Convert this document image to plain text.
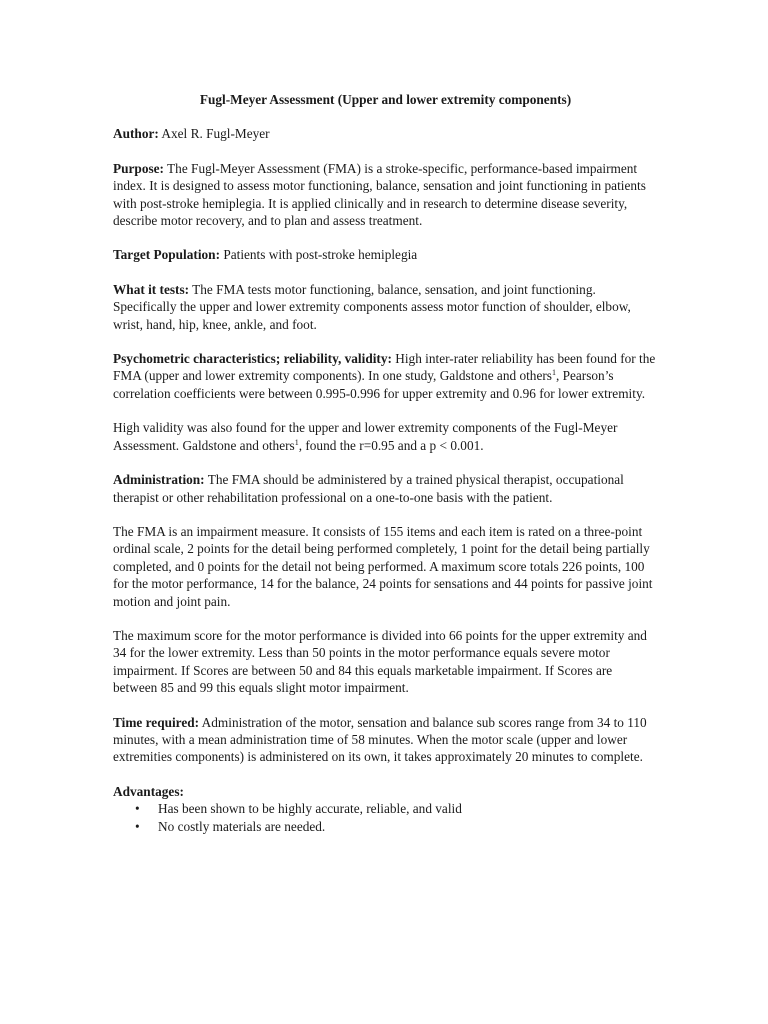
Fugl-Meyer Assessment (Upper and lower extremity components)

Author: Axel R. Fugl-Meyer

Purpose: The Fugl-Meyer Assessment (FMA) is a stroke-specific, performance-based impairment index. It is designed to assess motor functioning, balance, sensation and joint functioning in patients with post-stroke hemiplegia. It is applied clinically and in research to determine disease severity, describe motor recovery, and to plan and assess treatment.

Target Population: Patients with post-stroke hemiplegia

What it tests: The FMA tests motor functioning, balance, sensation, and joint functioning. Specifically the upper and lower extremity components assess motor function of shoulder, elbow, wrist, hand, hip, knee, ankle, and foot.

Psychometric characteristics; reliability, validity: High inter-rater reliability has been found for the FMA (upper and lower extremity components). In one study, Galdstone and others$^1$, Pearson’s correlation coefficients were between 0.995-0.996 for upper extremity and 0.96 for lower extremity.

High validity was also found for the upper and lower extremity components of the Fugl-Meyer Assessment. Galdstone and others$^1$, found the r=0.95 and a p < 0.001.

Administration: The FMA should be administered by a trained physical therapist, occupational therapist or other rehabilitation professional on a one-to-one basis with the patient.

The FMA is an impairment measure. It consists of 155 items and each item is rated on a three-point ordinal scale, 2 points for the detail being performed completely, 1 point for the detail being partially completed, and 0 points for the detail not being performed. A maximum score totals 226 points, 100 for the motor performance, 14 for the balance, 24 points for sensations and 44 points for passive joint motion and joint pain.

The maximum score for the motor performance is divided into 66 points for the upper extremity and 34 for the lower extremity. Less than 50 points in the motor performance equals severe motor impairment. If Scores are between 50 and 84 this equals marketable impairment. If Scores are between 85 and 99 this equals slight motor impairment.

Time required: Administration of the motor, sensation and balance sub scores range from 34 to 110 minutes, with a mean administration time of 58 minutes. When the motor scale (upper and lower extremities components) is administered on its own, it takes approximately 20 minutes to complete.

Advantages:
• Has been shown to be highly accurate, reliable, and valid
• No costly materials are needed.
